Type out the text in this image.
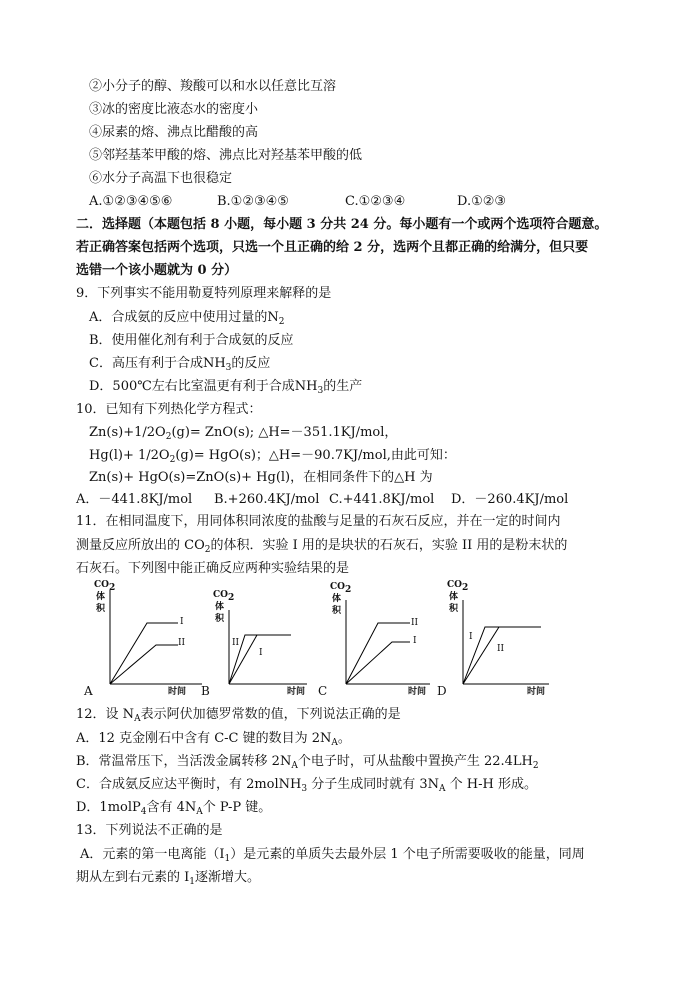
②小分子的醇、羧酸可以和水以任意比互溶
③冰的密度比液态水的密度小
④尿素的熔、沸点比醋酸的高
⑤邻羟基苯甲酸的熔、沸点比对羟基苯甲酸的低
⑥水分子高温下也很稳定
A.①②③④⑤⑥	B.①②③④⑤	C.①②③④	D.①②③
二．选择题（本题包括 8 小题，每小题 3 分共 24 分。每小题有一个或两个选项符合题意。
若正确答案包括两个选项，只选一个且正确的给 2 分，选两个且都正确的给满分，但只要
选错一个该小题就为 0 分）
9．下列事实不能用勒夏特列原理来解释的是
A．合成氨的反应中使用过量的$N_2$
B．使用催化剂有利于合成氨的反应
C．高压有利于合成$NH_3$的反应
D．500℃左右比室温更有利于合成$NH_3$的生产
10．已知有下列热化学方程式：
$Zn(s)+1/2O_2(g)= ZnO(s)$; △H=－351.1KJ/mol，
$Hg(l)+ 1/2O_2(g)= HgO(s)$；△H=－90.7KJ/mol,由此可知：
Zn(s)+ HgO(s)=ZnO(s)+ Hg(l)，在相同条件下的△H 为
A．－441.8KJ/mol B.+260.4KJ/mol C.+441.8KJ/mol D．－260.4KJ/mol
11．在相同温度下，用同体积同浓度的盐酸与足量的石灰石反应，并在一定的时间内
测量反应所放出的 $CO_2$的体积．实验 I 用的是块状的石灰石，实验 II 用的是粉末状的
石灰石。下列图中能正确反应两种实验结果的是
$CO_2$
体
积
I
II
时间
A
$CO_2$
体
积
II
I
时间
B
$CO_2$
体
积
II
I
时间
C
$CO_2$
体
积
I
II
时间
D
12．设 $N_A$表示阿伏加德罗常数的值，下列说法正确的是
A．12 克金刚石中含有 C-C 键的数目为 $2N_A$。
B．常温常压下，当活泼金属转移 $2N_A$个电子时，可从盐酸中置换产生 $22.4LH_2$
C．合成氨反应达平衡时，有 2molNH$_3$ 分子生成同时就有 $3N_A$ 个 H-H 形成。
D．1molP$_4$含有 $4N_A$个 P-P 键。
13．下列说法不正确的是
A．元素的第一电离能$(I_1)$是元素的单质失去最外层 1 个电子所需要吸收的能量，同周
期从左到右元素的 $I_1$逐渐增大。
